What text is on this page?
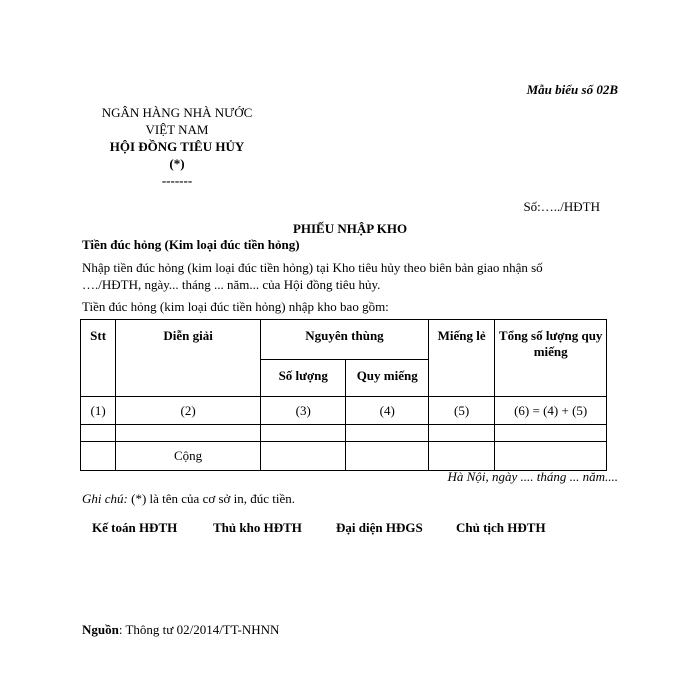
Mẫu biểu số 02B
NGÂN HÀNG NHÀ NƯỚC
VIỆT NAM
HỘI ĐỒNG TIÊU HỦY
(*)
-------
Số:…../HĐTH
PHIẾU NHẬP KHO
Tiền đúc hỏng (Kim loại đúc tiền hỏng)
Nhập tiền đúc hỏng (kim loại đúc tiền hỏng) tại Kho tiêu hủy theo biên bản giao nhận số …./HĐTH, ngày... tháng ... năm... của Hội đồng tiêu hủy.
Tiền đúc hỏng (kim loại đúc tiền hỏng) nhập kho bao gồm:
Stt	Diễn giải	Nguyên thùng		Miếng lẻ	Tổng số lượng quy miếng
		Số lượng	Quy miếng		
(1)	(2)	(3)	(4)	(5)	(6) = (4) + (5)

	Cộng				
Hà Nội, ngày .... tháng ... năm....
Ghi chú: (*) là tên của cơ sở in, đúc tiền.
Kế toán HĐTH	Thủ kho HĐTH	Đại diện HĐGS	Chủ tịch HĐTH
Nguồn: Thông tư 02/2014/TT-NHNN
